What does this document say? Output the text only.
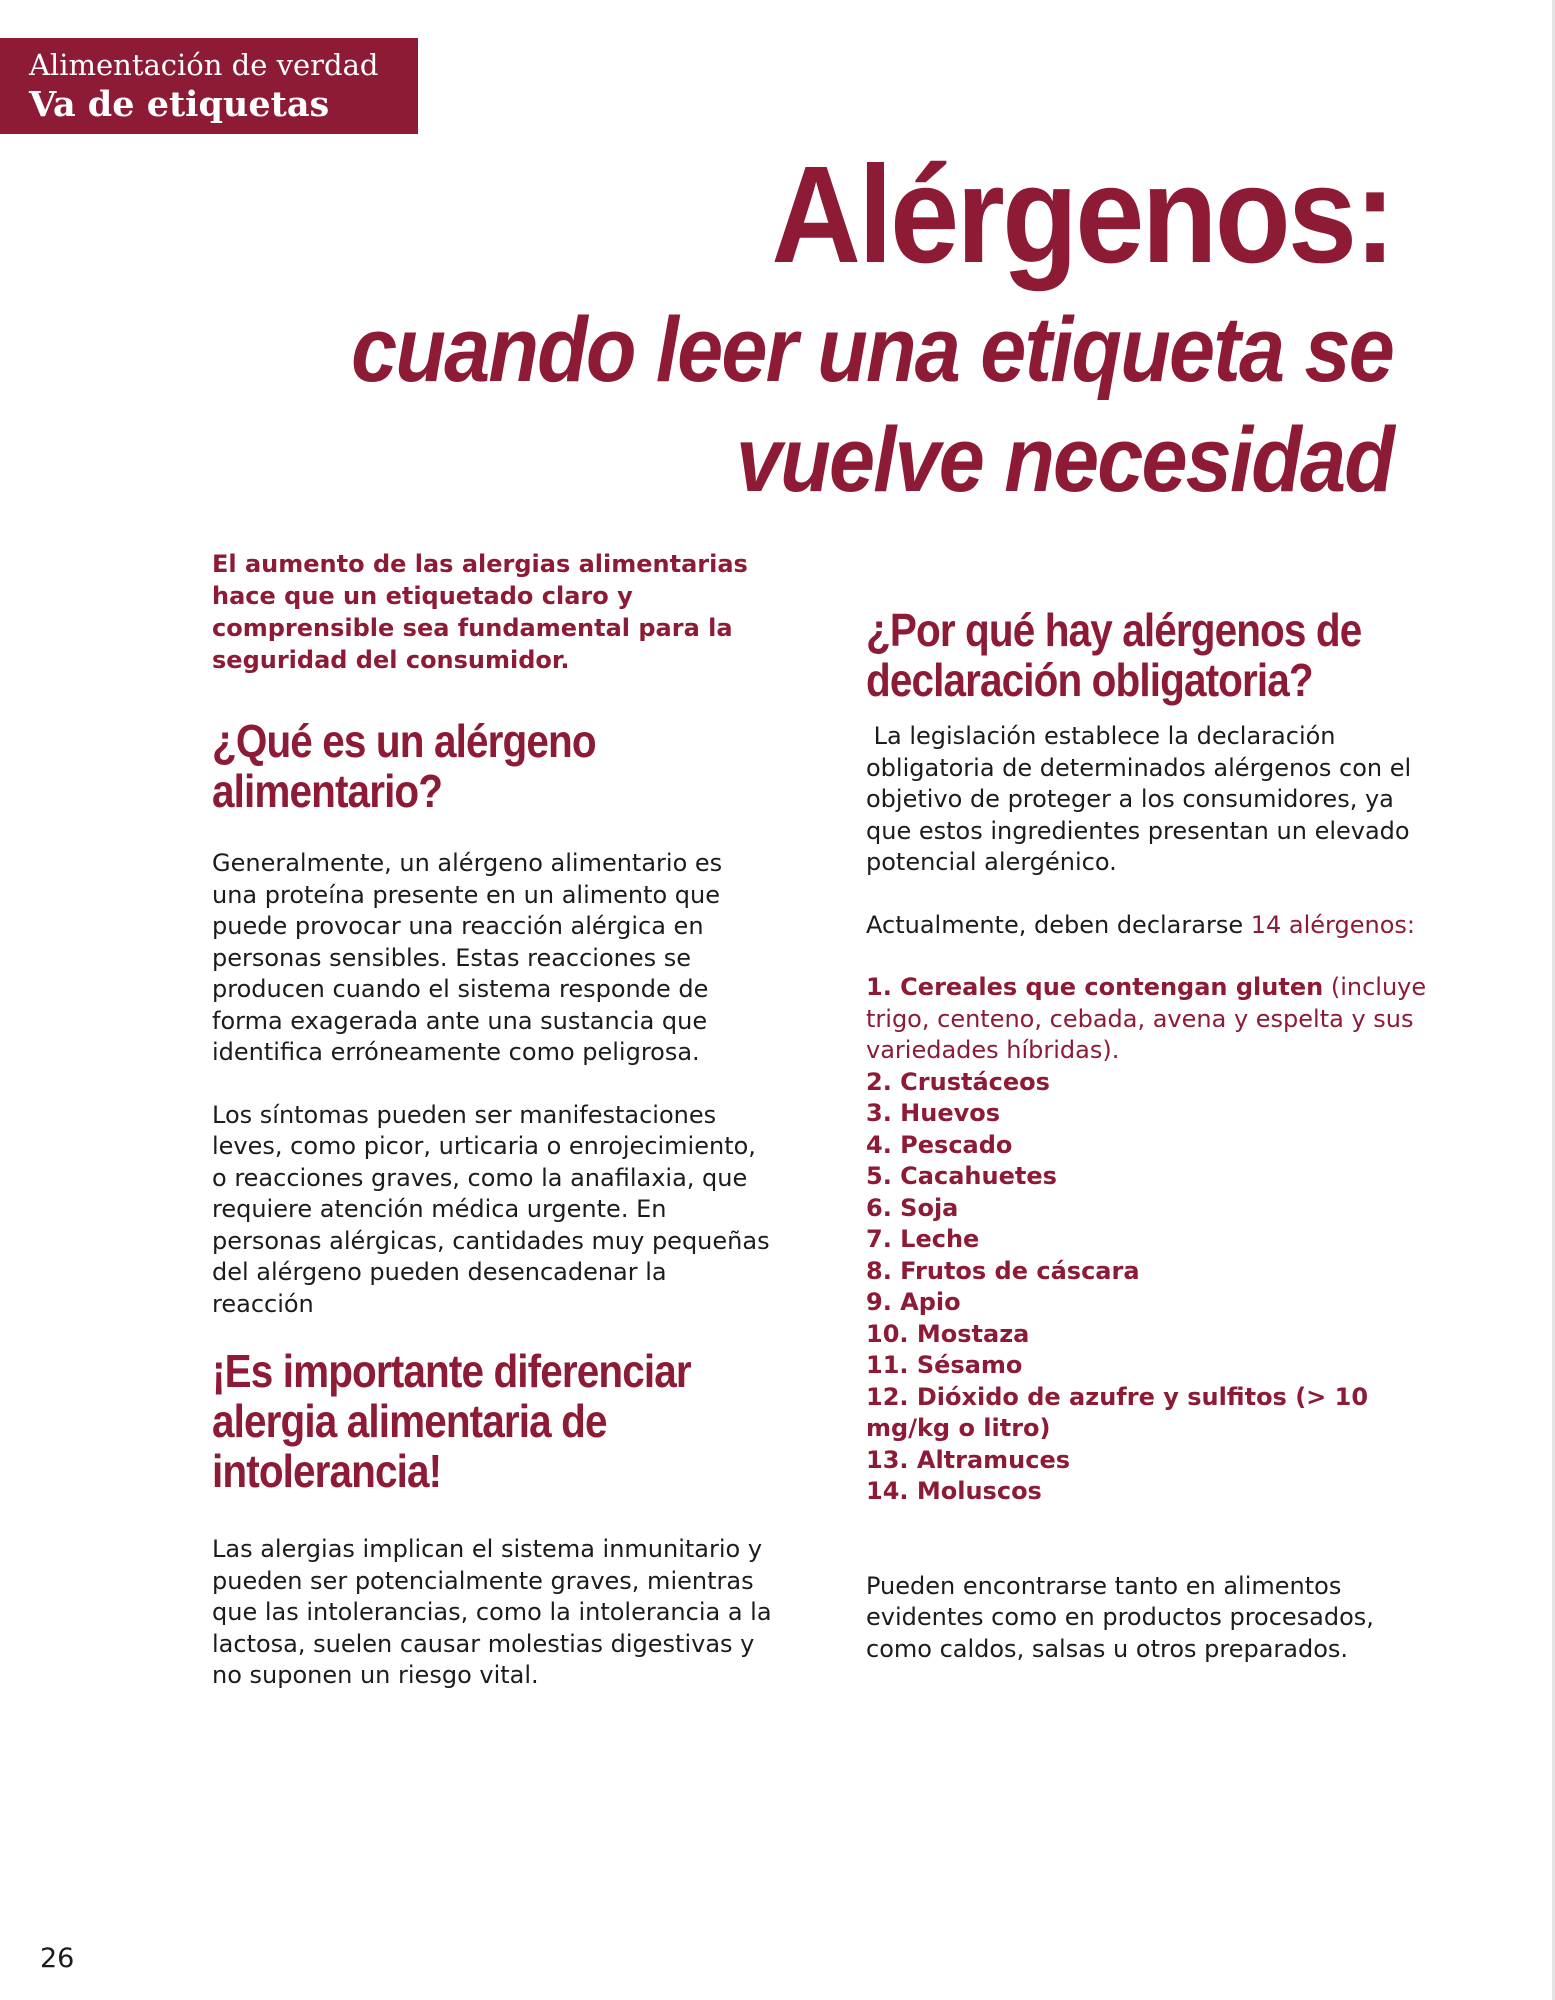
Alimentación de verdad
Va de etiquetas
Alérgenos:
cuando leer una etiqueta se
vuelve necesidad

El aumento de las alergias alimentarias hace que un etiquetado claro y comprensible sea fundamental para la seguridad del consumidor.

¿Qué es un alérgeno
alimentario?

Generalmente, un alérgeno alimentario es una proteína presente en un alimento que puede provocar una reacción alérgica en personas sensibles. Estas reacciones se producen cuando el sistema responde de forma exagerada ante una sustancia que identifica erróneamente como peligrosa.

Los síntomas pueden ser manifestaciones leves, como picor, urticaria o enrojecimiento, o reacciones graves, como la anafilaxia, que requiere atención médica urgente. En personas alérgicas, cantidades muy pequeñas del alérgeno pueden desencadenar la reacción

¡Es importante diferenciar
alergia alimentaria de
intolerancia!

Las alergias implican el sistema inmunitario y pueden ser potencialmente graves, mientras que las intolerancias, como la intolerancia a la lactosa, suelen causar molestias digestivas y no suponen un riesgo vital.

¿Por qué hay alérgenos de
declaración obligatoria?

La legislación establece la declaración obligatoria de determinados alérgenos con el objetivo de proteger a los consumidores, ya que estos ingredientes presentan un elevado potencial alergénico.

Actualmente, deben declararse 14 alérgenos:

1. Cereales que contengan gluten (incluye trigo, centeno, cebada, avena y espelta y sus variedades híbridas).
2. Crustáceos
3. Huevos
4. Pescado
5. Cacahuetes
6. Soja
7. Leche
8. Frutos de cáscara
9. Apio
10. Mostaza
11. Sésamo
12. Dióxido de azufre y sulfitos (> 10 mg/kg o litro)
13. Altramuces
14. Moluscos

Pueden encontrarse tanto en alimentos evidentes como en productos procesados, como caldos, salsas u otros preparados.

26
